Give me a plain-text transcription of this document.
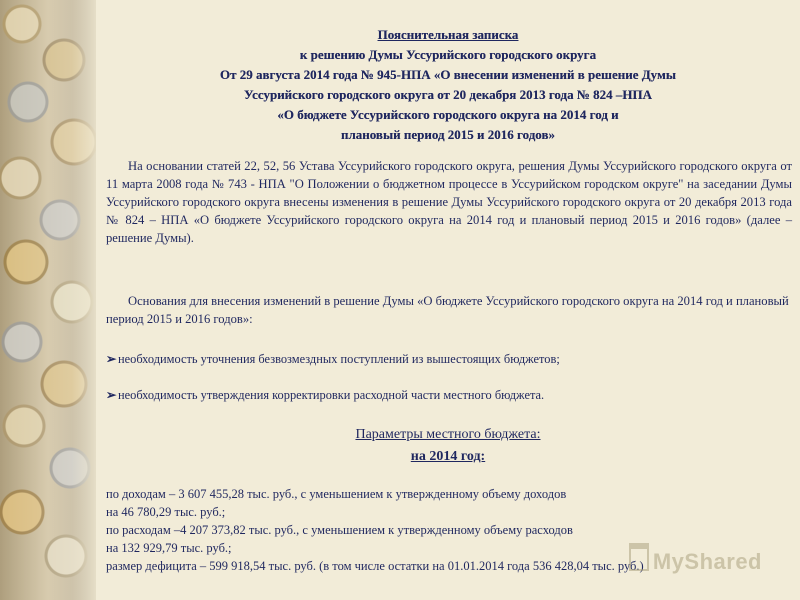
Пояснительная записка
к решению Думы Уссурийского городского округа
От 29 августа 2014 года № 945-НПА «О внесении изменений в решение Думы
Уссурийского городского округа от 20 декабря 2013 года № 824 –НПА
«О бюджете Уссурийского городского округа на 2014 год и
плановый период 2015 и 2016 годов»

На основании статей 22, 52, 56 Устава Уссурийского городского округа, решения Думы Уссурийского городского округа от 11 марта 2008 года № 743 - НПА "О Положении о бюджетном процессе в Уссурийском городском округе" на заседании Думы Уссурийского городского округа внесены изменения в решение Думы Уссурийского городского округа от 20 декабря 2013 года № 824 – НПА «О бюджете Уссурийского городского округа на 2014 год и плановый период 2015 и 2016 годов» (далее – решение Думы).

Основания для внесения изменений в решение Думы «О бюджете Уссурийского городского округа на 2014 год и плановый период 2015 и 2016 годов»:

➢ необходимость уточнения безвозмездных поступлений из вышестоящих бюджетов;
➢ необходимость утверждения корректировки расходной части местного бюджета.
Параметры местного бюджета:
на 2014 год:
по доходам – 3 607 455,28 тыс. руб., с уменьшением к утвержденному объему доходов
на 46 780,29 тыс. руб.;
по расходам –4 207 373,82 тыс. руб., с уменьшением к утвержденному объему расходов
на 132 929,79 тыс. руб.;
размер дефицита – 599 918,54 тыс. руб. (в том числе остатки на 01.01.2014 года 536 428,04 тыс. руб.) MyShared
